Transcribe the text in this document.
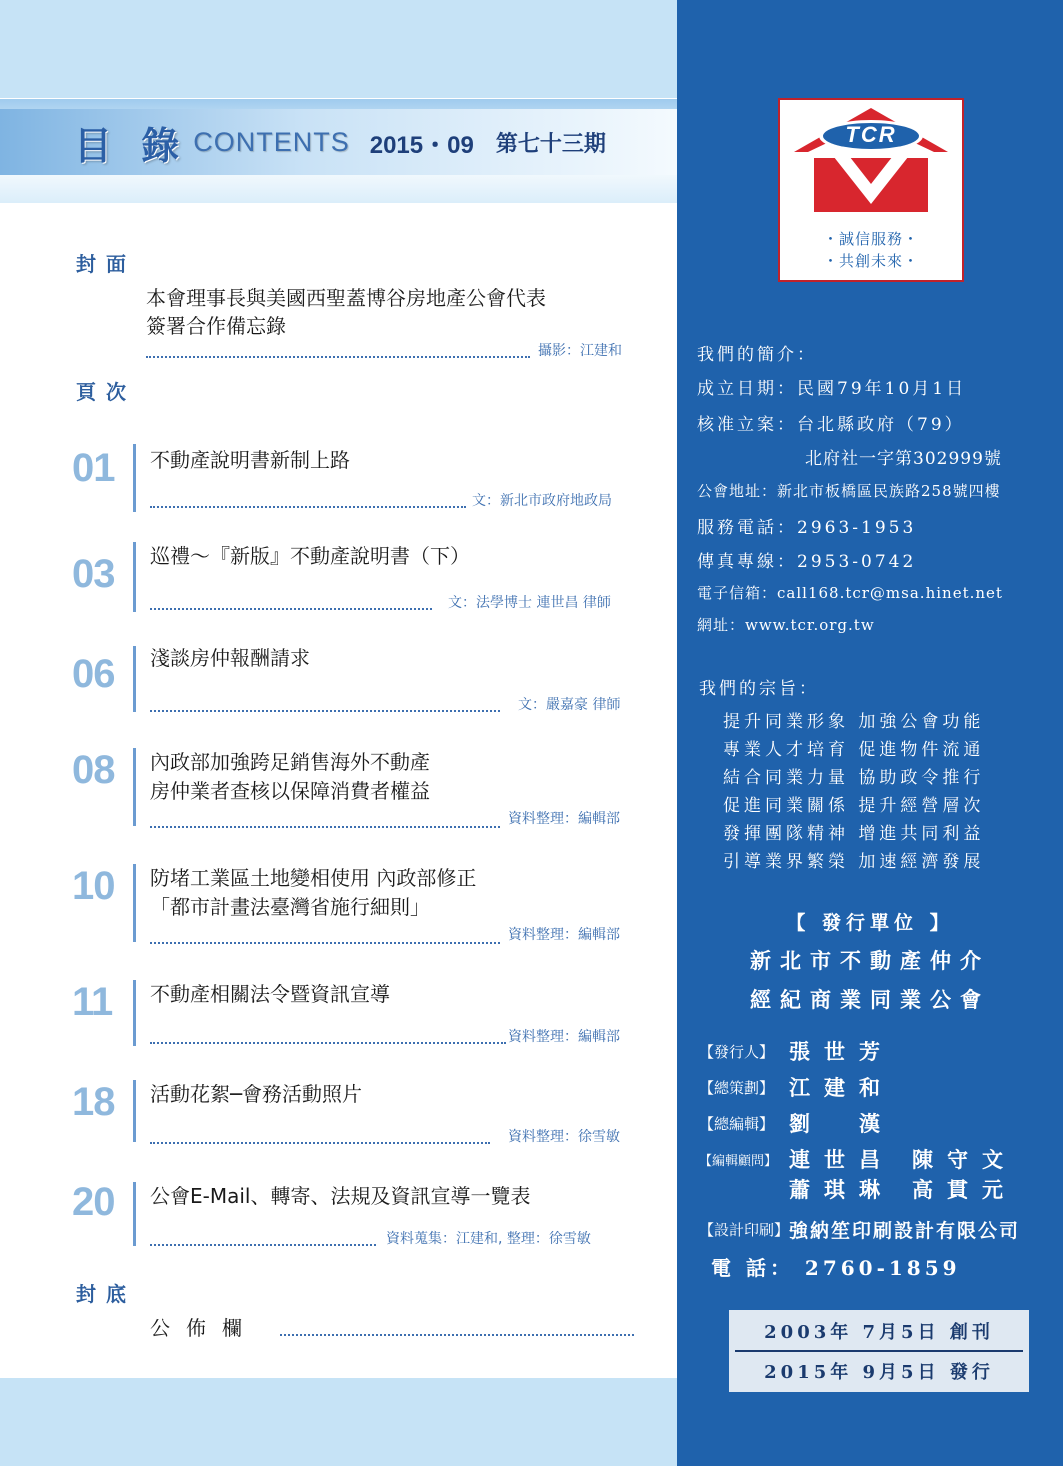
目 錄 CONTENTS 2015・09 第七十三期
封面
本會理事長與美國西聖蓋博谷房地產公會代表
簽署合作備忘錄
攝影：江建和
頁次
01	不動產說明書新制上路
文：新北市政府地政局
03	巡禮～『新版』不動產說明書（下）
文：法學博士 連世昌 律師
06	淺談房仲報酬請求
文：嚴嘉豪 律師
08	內政部加強跨足銷售海外不動產
房仲業者查核以保障消費者權益
資料整理：編輯部
10	防堵工業區土地變相使用 內政部修正
「都市計畫法臺灣省施行細則」
資料整理：編輯部
11	不動產相關法令暨資訊宣導
資料整理：編輯部
18	活動花絮─會務活動照片
資料整理：徐雪敏
20	公會E-Mail、轉寄、法規及資訊宣導一覽表
資料蒐集：江建和, 整理：徐雪敏
封底
公佈欄
TCR
・誠信服務・
・共創未來・
我們的簡介：
成立日期：民國79年10月1日
核准立案：台北縣政府（79）
北府社一字第302999號
公會地址：新北市板橋區民族路258號四樓
服務電話：2963-1953
傳真專線：2953-0742
電子信箱：call168.tcr@msa.hinet.net
網址：www.tcr.org.tw
我們的宗旨：
提升同業形象 加強公會功能
專業人才培育 促進物件流通
結合同業力量 協助政令推行
促進同業關係 提升經營層次
發揮團隊精神 增進共同利益
引導業界繁榮 加速經濟發展
【 發行單位 】
新北市不動產仲介
經紀商業同業公會
【發行人】 張世芳
【總策劃】 江建和
【總編輯】 劉　漢
【編輯顧問】 連世昌 陳守文
蕭琪琳 高貫元
【設計印刷】 強納笙印刷設計有限公司
電 話： 2760-1859
2003年 7月5日 創刊
2015年 9月5日 發行
